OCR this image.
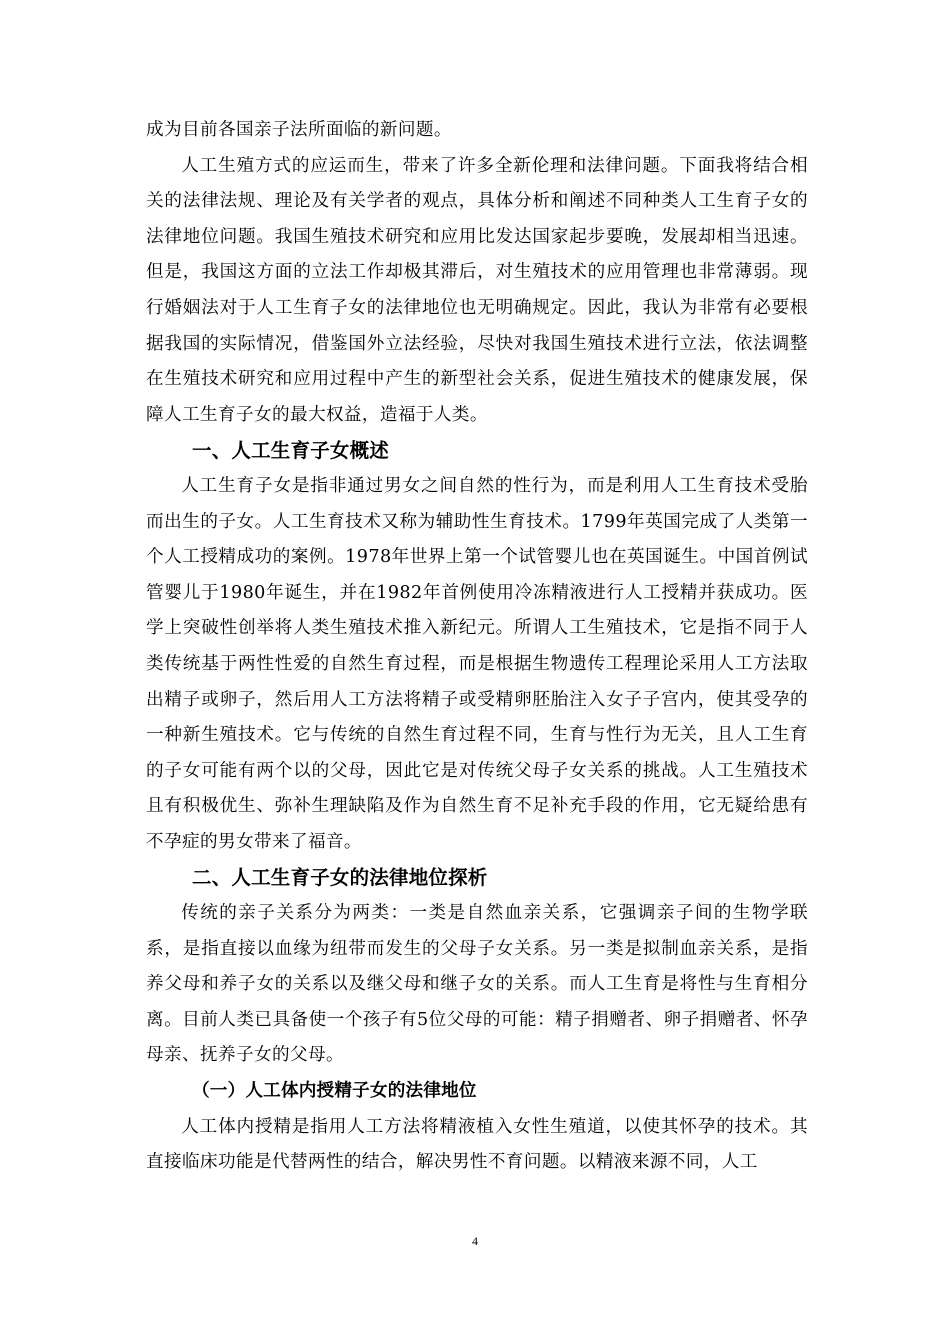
成为目前各国亲子法所面临的新问题。

人工生殖方式的应运而生，带来了许多全新伦理和法律问题。下面我将结合相关的法律法规、理论及有关学者的观点，具体分析和阐述不同种类人工生育子女的法律地位问题。我国生殖技术研究和应用比发达国家起步要晚，发展却相当迅速。但是，我国这方面的立法工作却极其滞后，对生殖技术的应用管理也非常薄弱。现行婚姻法对于人工生育子女的法律地位也无明确规定。因此，我认为非常有必要根据我国的实际情况，借鉴国外立法经验，尽快对我国生殖技术进行立法，依法调整在生殖技术研究和应用过程中产生的新型社会关系，促进生殖技术的健康发展，保障人工生育子女的最大权益，造福于人类。

一、人工生育子女概述

人工生育子女是指非通过男女之间自然的性行为，而是利用人工生育技术受胎而出生的子女。人工生育技术又称为辅助性生育技术。1799年英国完成了人类第一个人工授精成功的案例。1978年世界上第一个试管婴儿也在英国诞生。中国首例试管婴儿于1980年诞生，并在1982年首例使用冷冻精液进行人工授精并获成功。医学上突破性创举将人类生殖技术推入新纪元。所谓人工生殖技术，它是指不同于人类传统基于两性性爱的自然生育过程，而是根据生物遗传工程理论采用人工方法取出精子或卵子，然后用人工方法将精子或受精卵胚胎注入女子子宫内，使其受孕的一种新生殖技术。它与传统的自然生育过程不同，生育与性行为无关，且人工生育的子女可能有两个以的父母，因此它是对传统父母子女关系的挑战。人工生殖技术且有积极优生、弥补生理缺陷及作为自然生育不足补充手段的作用，它无疑给患有不孕症的男女带来了福音。

二、人工生育子女的法律地位探析

传统的亲子关系分为两类：一类是自然血亲关系，它强调亲子间的生物学联系，是指直接以血缘为纽带而发生的父母子女关系。另一类是拟制血亲关系，是指养父母和养子女的关系以及继父母和继子女的关系。而人工生育是将性与生育相分离。目前人类已具备使一个孩子有5位父母的可能：精子捐赠者、卵子捐赠者、怀孕母亲、抚养子女的父母。

（一）人工体内授精子女的法律地位

人工体内授精是指用人工方法将精液植入女性生殖道，以使其怀孕的技术。其直接临床功能是代替两性的结合，解决男性不育问题。以精液来源不同，人工

4
